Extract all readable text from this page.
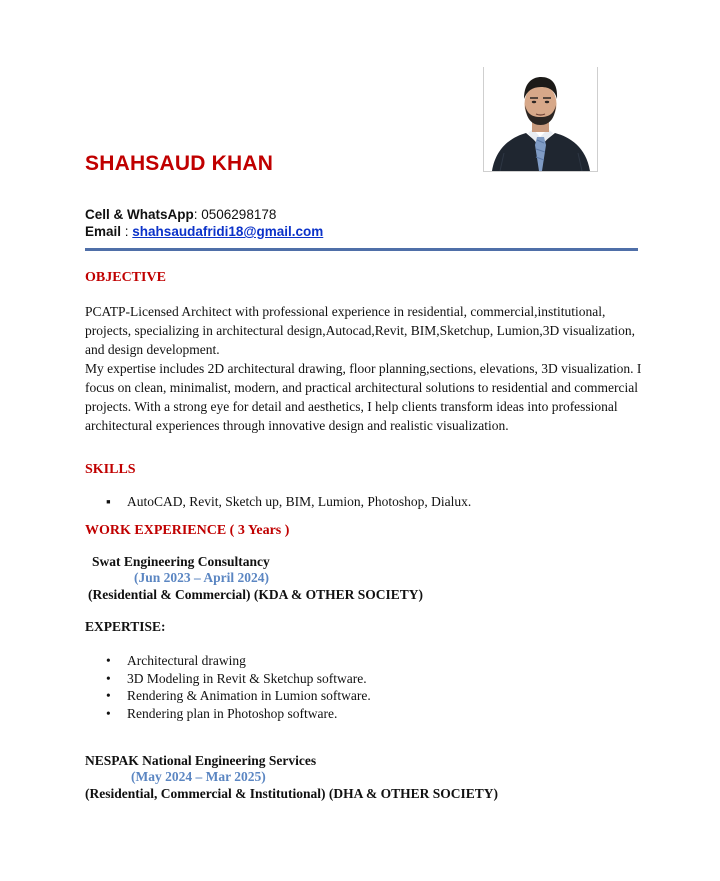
SHAHSAUD KHAN
Cell & WhatsApp: 0506298178
Email : shahsaudafridi18@gmail.com
OBJECTIVE

PCATP-Licensed Architect with professional experience in residential, commercial,institutional, projects, specializing in architectural design,Autocad,Revit, BIM,Sketchup, Lumion,3D visualization, and design development.

My expertise includes 2D architectural drawing, floor planning,sections, elevations, 3D visualization. I focus on clean, minimalist, modern, and practical architectural solutions to residential and commercial projects. With a strong eye for detail and aesthetics, I help clients transform ideas into professional architectural experiences through innovative design and realistic visualization.

SKILLS
▪	AutoCAD, Revit, Sketch up, BIM, Lumion, Photoshop, Dialux.
WORK EXPERIENCE ( 3 Years )
Swat Engineering Consultancy
(Jun 2023 – April 2024)
(Residential & Commercial) (KDA & OTHER SOCIETY)
EXPERTISE:
•	Architectural drawing
•	3D Modeling in Revit & Sketchup software.
•	Rendering & Animation in Lumion software.
•	Rendering plan in Photoshop software.
NESPAK National Engineering Services
(May 2024 – Mar 2025)
(Residential, Commercial & Institutional) (DHA & OTHER SOCIETY)
